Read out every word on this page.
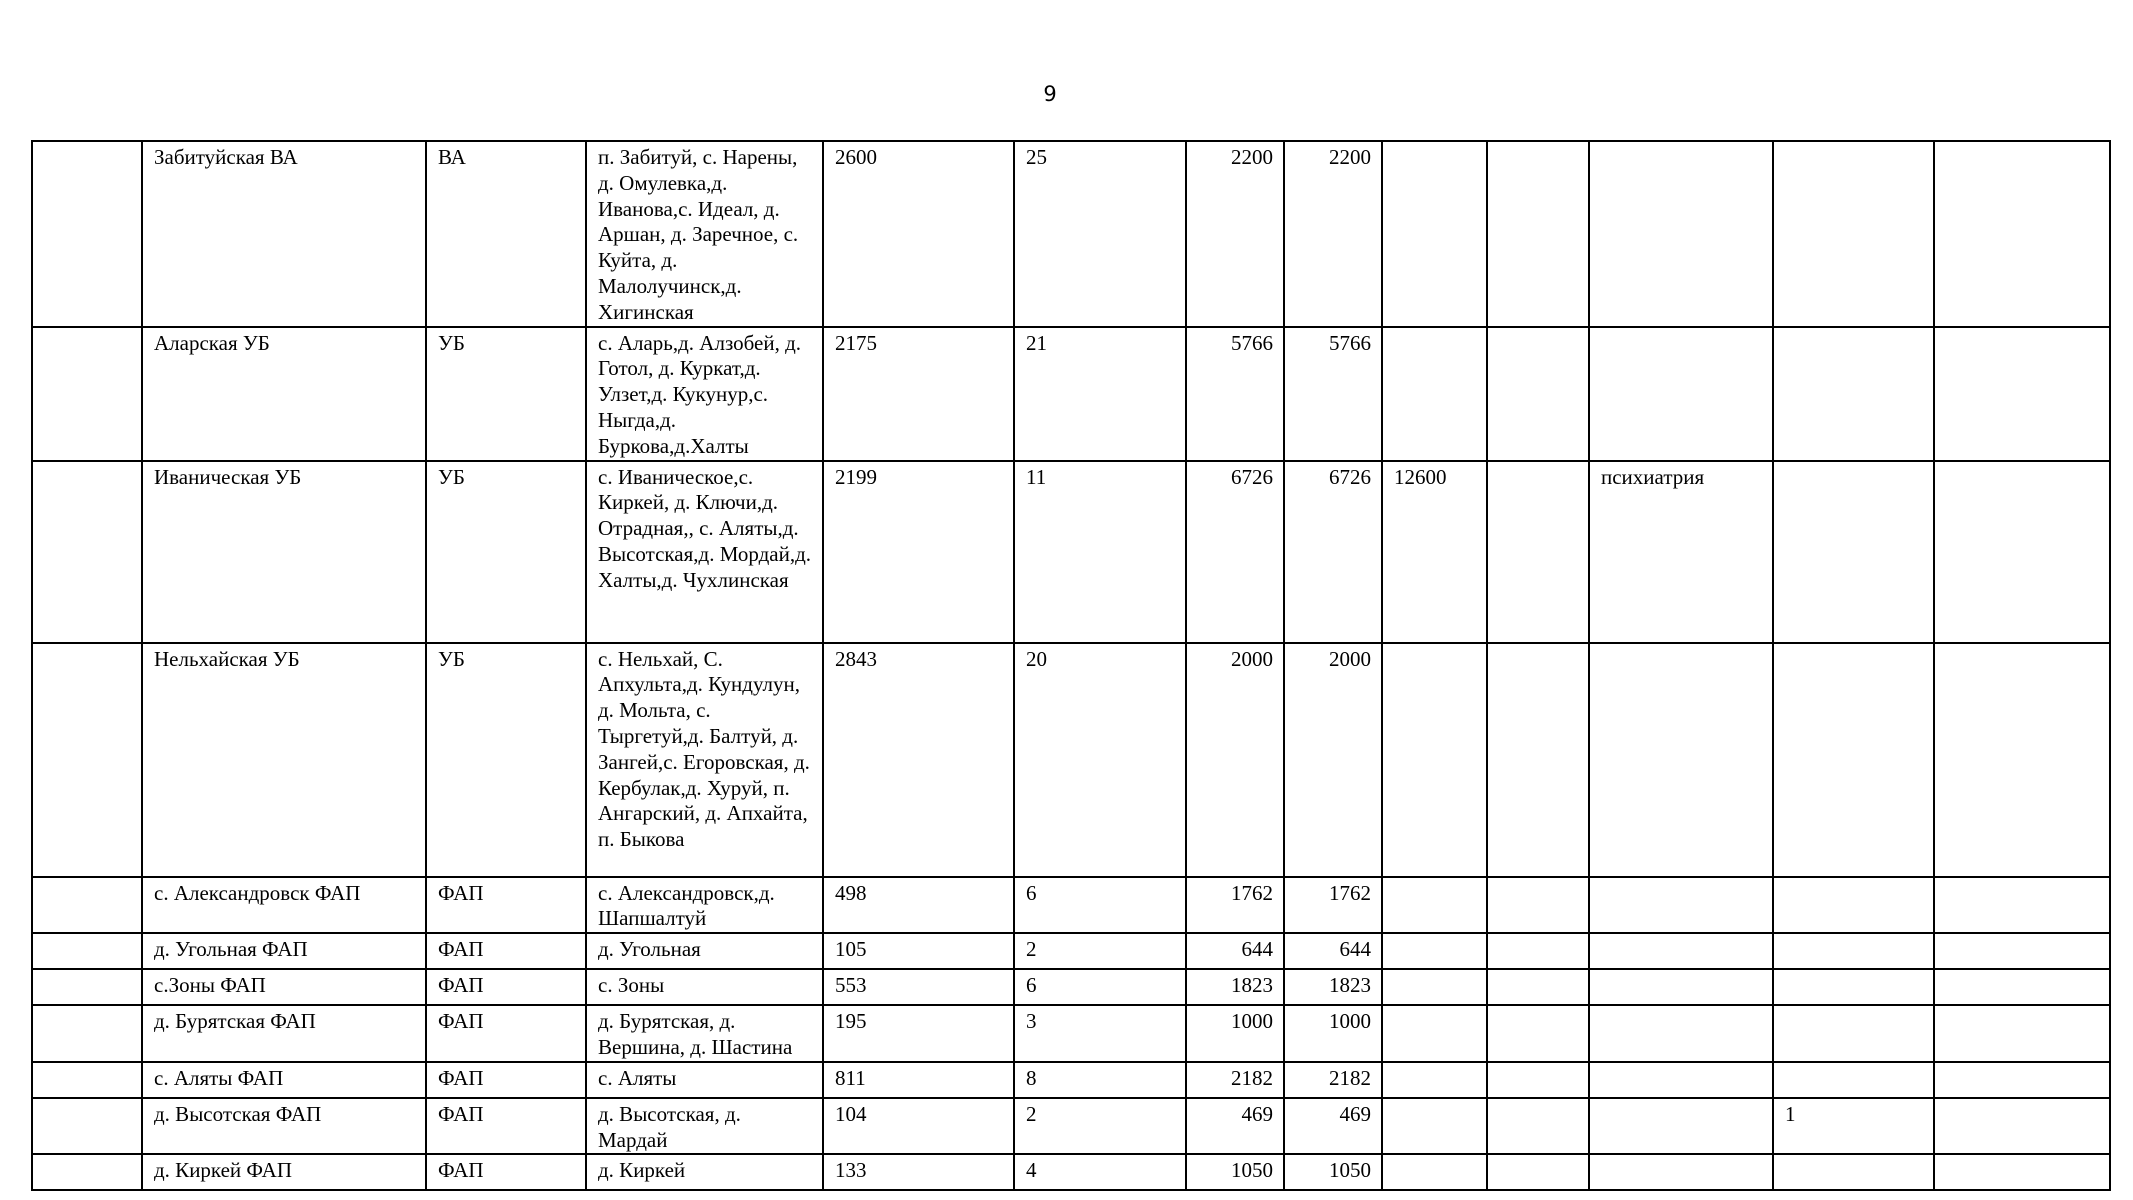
9
	Забитуйская ВА	ВА	п. Забитуй, с. Нарены, д. Омулевка,д. Иванова,с. Идеал, д. Аршан, д. Заречное, с. Куйта, д. Малолучинск,д. Хигинская	2600	25	2200	2200					
	Аларская УБ	УБ	с. Аларь,д. Алзобей, д. Готол, д. Куркат,д. Улзет,д. Кукунур,с. Ныгда,д. Буркова,д.Халты	2175	21	5766	5766					
	Иваническая УБ	УБ	с. Иваническое,с. Киркей, д. Ключи,д. Отрадная,, с. Аляты,д. Высотская,д. Мордай,д. Халты,д. Чухлинская	2199	11	6726	6726	12600		психиатрия		
	Нельхайская УБ	УБ	с. Нельхай, С. Апхульта,д. Кундулун, д. Мольта, с. Тыргетуй,д. Балтуй, д. Зангей,с. Егоровская, д. Кербулак,д. Хуруй, п. Ангарский, д. Апхайта, п. Быкова	2843	20	2000	2000					
	с. Александровск ФАП	ФАП	с. Александровск,д. Шапшалтуй	498	6	1762	1762					
	д. Угольная ФАП	ФАП	д. Угольная	105	2	644	644					
	с.Зоны ФАП	ФАП	с. Зоны	553	6	1823	1823					
	д. Бурятская ФАП	ФАП	д. Бурятская, д. Вершина, д. Шастина	195	3	1000	1000					
	с. Аляты ФАП	ФАП	с. Аляты	811	8	2182	2182					
	д. Высотская ФАП	ФАП	д. Высотская, д. Мардай	104	2	469	469				1	
	д. Киркей ФАП	ФАП	д. Киркей	133	4	1050	1050					
